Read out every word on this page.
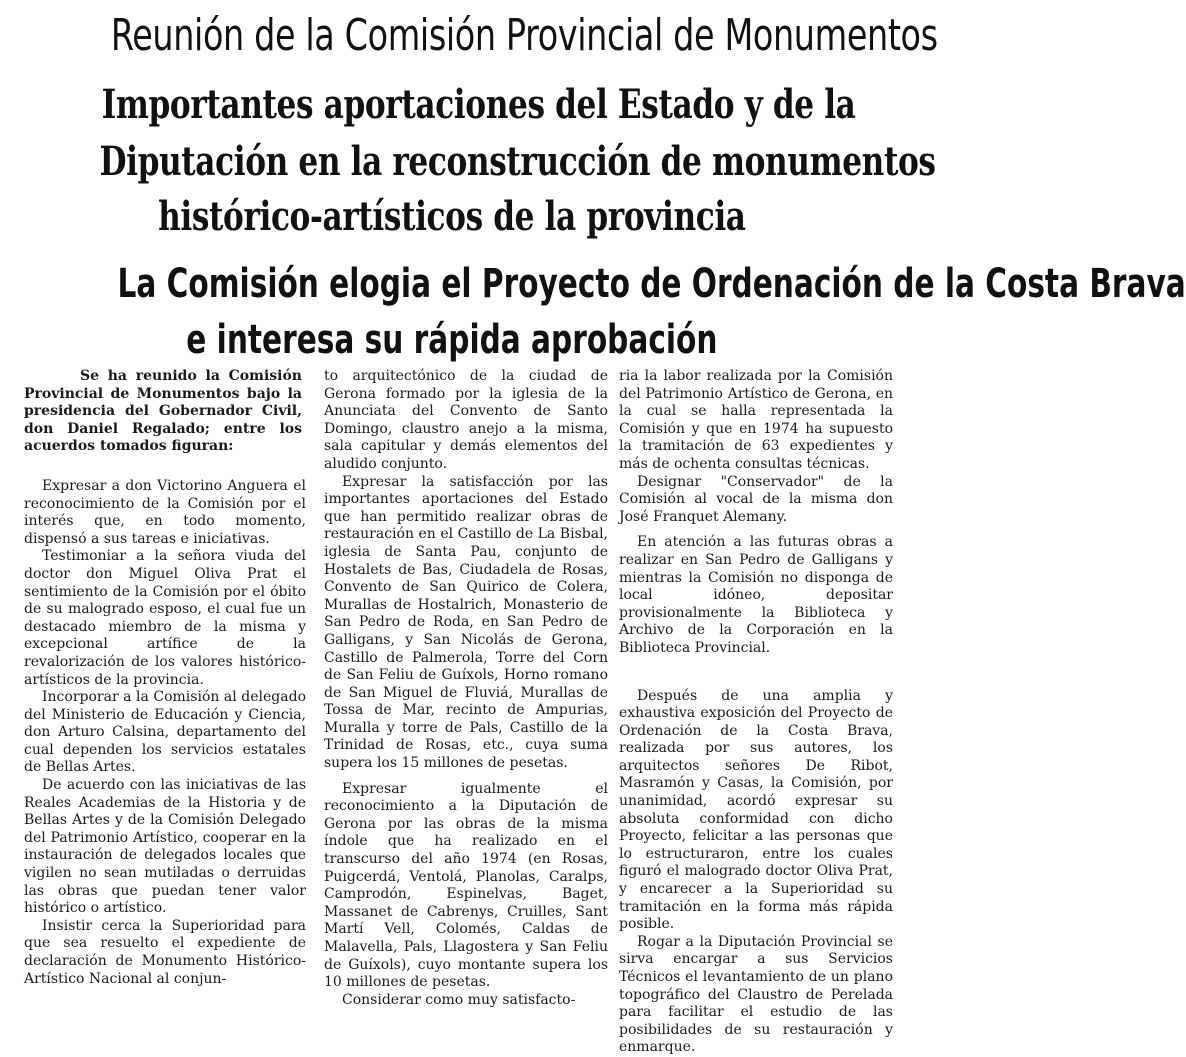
Reunión de la Comisión Provincial de Monumentos
Importantes aportaciones del Estado y de la
Diputación en la reconstrucción de monumentos
histórico-artísticos de la provincia
La Comisión elogia el Proyecto de Ordenación de la Costa Brava
e interesa su rápida aprobación

Se ha reunido la Comisión Provincial de Monumentos bajo la presidencia del Gobernador Civil, don Daniel Regalado; entre los acuerdos tomados figuran:

Expresar a don Victorino Anguera el reconocimiento de la Comisión por el interés que, en todo momento, dispensó a sus tareas e iniciativas.

Testimoniar a la señora viuda del doctor don Miguel Oliva Prat el sentimiento de la Comisión por el óbito de su malogrado esposo, el cual fue un destacado miembro de la misma y excepcional artífice de la revalorización de los valores histórico-artísticos de la provincia.

Incorporar a la Comisión al delegado del Ministerio de Educación y Ciencia, don Arturo Calsina, departamento del cual dependen los servicios estatales de Bellas Artes.

De acuerdo con las iniciativas de las Reales Academias de la Historia y de Bellas Artes y de la Comisión Delegado del Patrimonio Artístico, cooperar en la instauración de delegados locales que vigilen no sean mutiladas o derruidas las obras que puedan tener valor histórico o artístico.

Insistir cerca la Superioridad para que sea resuelto el expediente de declaración de Monumento Histórico-Artístico Nacional al conjun-

to arquitectónico de la ciudad de Gerona formado por la iglesia de la Anunciata del Convento de Santo Domingo, claustro anejo a la misma, sala capitular y demás elementos del aludido conjunto.

Expresar la satisfacción por las importantes aportaciones del Estado que han permitido realizar obras de restauración en el Castillo de La Bisbal, iglesia de Santa Pau, conjunto de Hostalets de Bas, Ciudadela de Rosas, Convento de San Quirico de Colera, Murallas de Hostalrich, Monasterio de San Pedro de Roda, en San Pedro de Galligans, y San Nicolás de Gerona, Castillo de Palmerola, Torre del Corn de San Feliu de Guíxols, Horno romano de San Miguel de Fluviá, Murallas de Tossa de Mar, recinto de Ampurias, Muralla y torre de Pals, Castillo de la Trinidad de Rosas, etc., cuya suma supera los 15 millones de pesetas.

Expresar igualmente el reconocimiento a la Diputación de Gerona por las obras de la misma índole que ha realizado en el transcurso del año 1974 (en Rosas, Puigcerdá, Ventolá, Planolas, Caralps, Camprodón, Espinelvas, Baget, Massanet de Cabrenys, Cruilles, Sant Martí Vell, Colomés, Caldas de Malavella, Pals, Llagostera y San Feliu de Guíxols), cuyo montante supera los 10 millones de pesetas.

Considerar como muy satisfacto-

ria la labor realizada por la Comisión del Patrimonio Artístico de Gerona, en la cual se halla representada la Comisión y que en 1974 ha supuesto la tramitación de 63 expedientes y más de ochenta consultas técnicas.

Designar "Conservador" de la Comisión al vocal de la misma don José Franquet Alemany.

En atención a las futuras obras a realizar en San Pedro de Galligans y mientras la Comisión no disponga de local idóneo, depositar provisionalmente la Biblioteca y Archivo de la Corporación en la Biblioteca Provincial.

Después de una amplia y exhaustiva exposición del Proyecto de Ordenación de la Costa Brava, realizada por sus autores, los arquitectos señores De Ribot, Masramón y Casas, la Comisión, por unanimidad, acordó expresar su absoluta conformidad con dicho Proyecto, felicitar a las personas que lo estructuraron, entre los cuales figuró el malogrado doctor Oliva Prat, y encarecer a la Superioridad su tramitación en la forma más rápida posible.

Rogar a la Diputación Provincial se sirva encargar a sus Servicios Técnicos el levantamiento de un plano topográfico del Claustro de Perelada para facilitar el estudio de las posibilidades de su restauración y enmarque.
